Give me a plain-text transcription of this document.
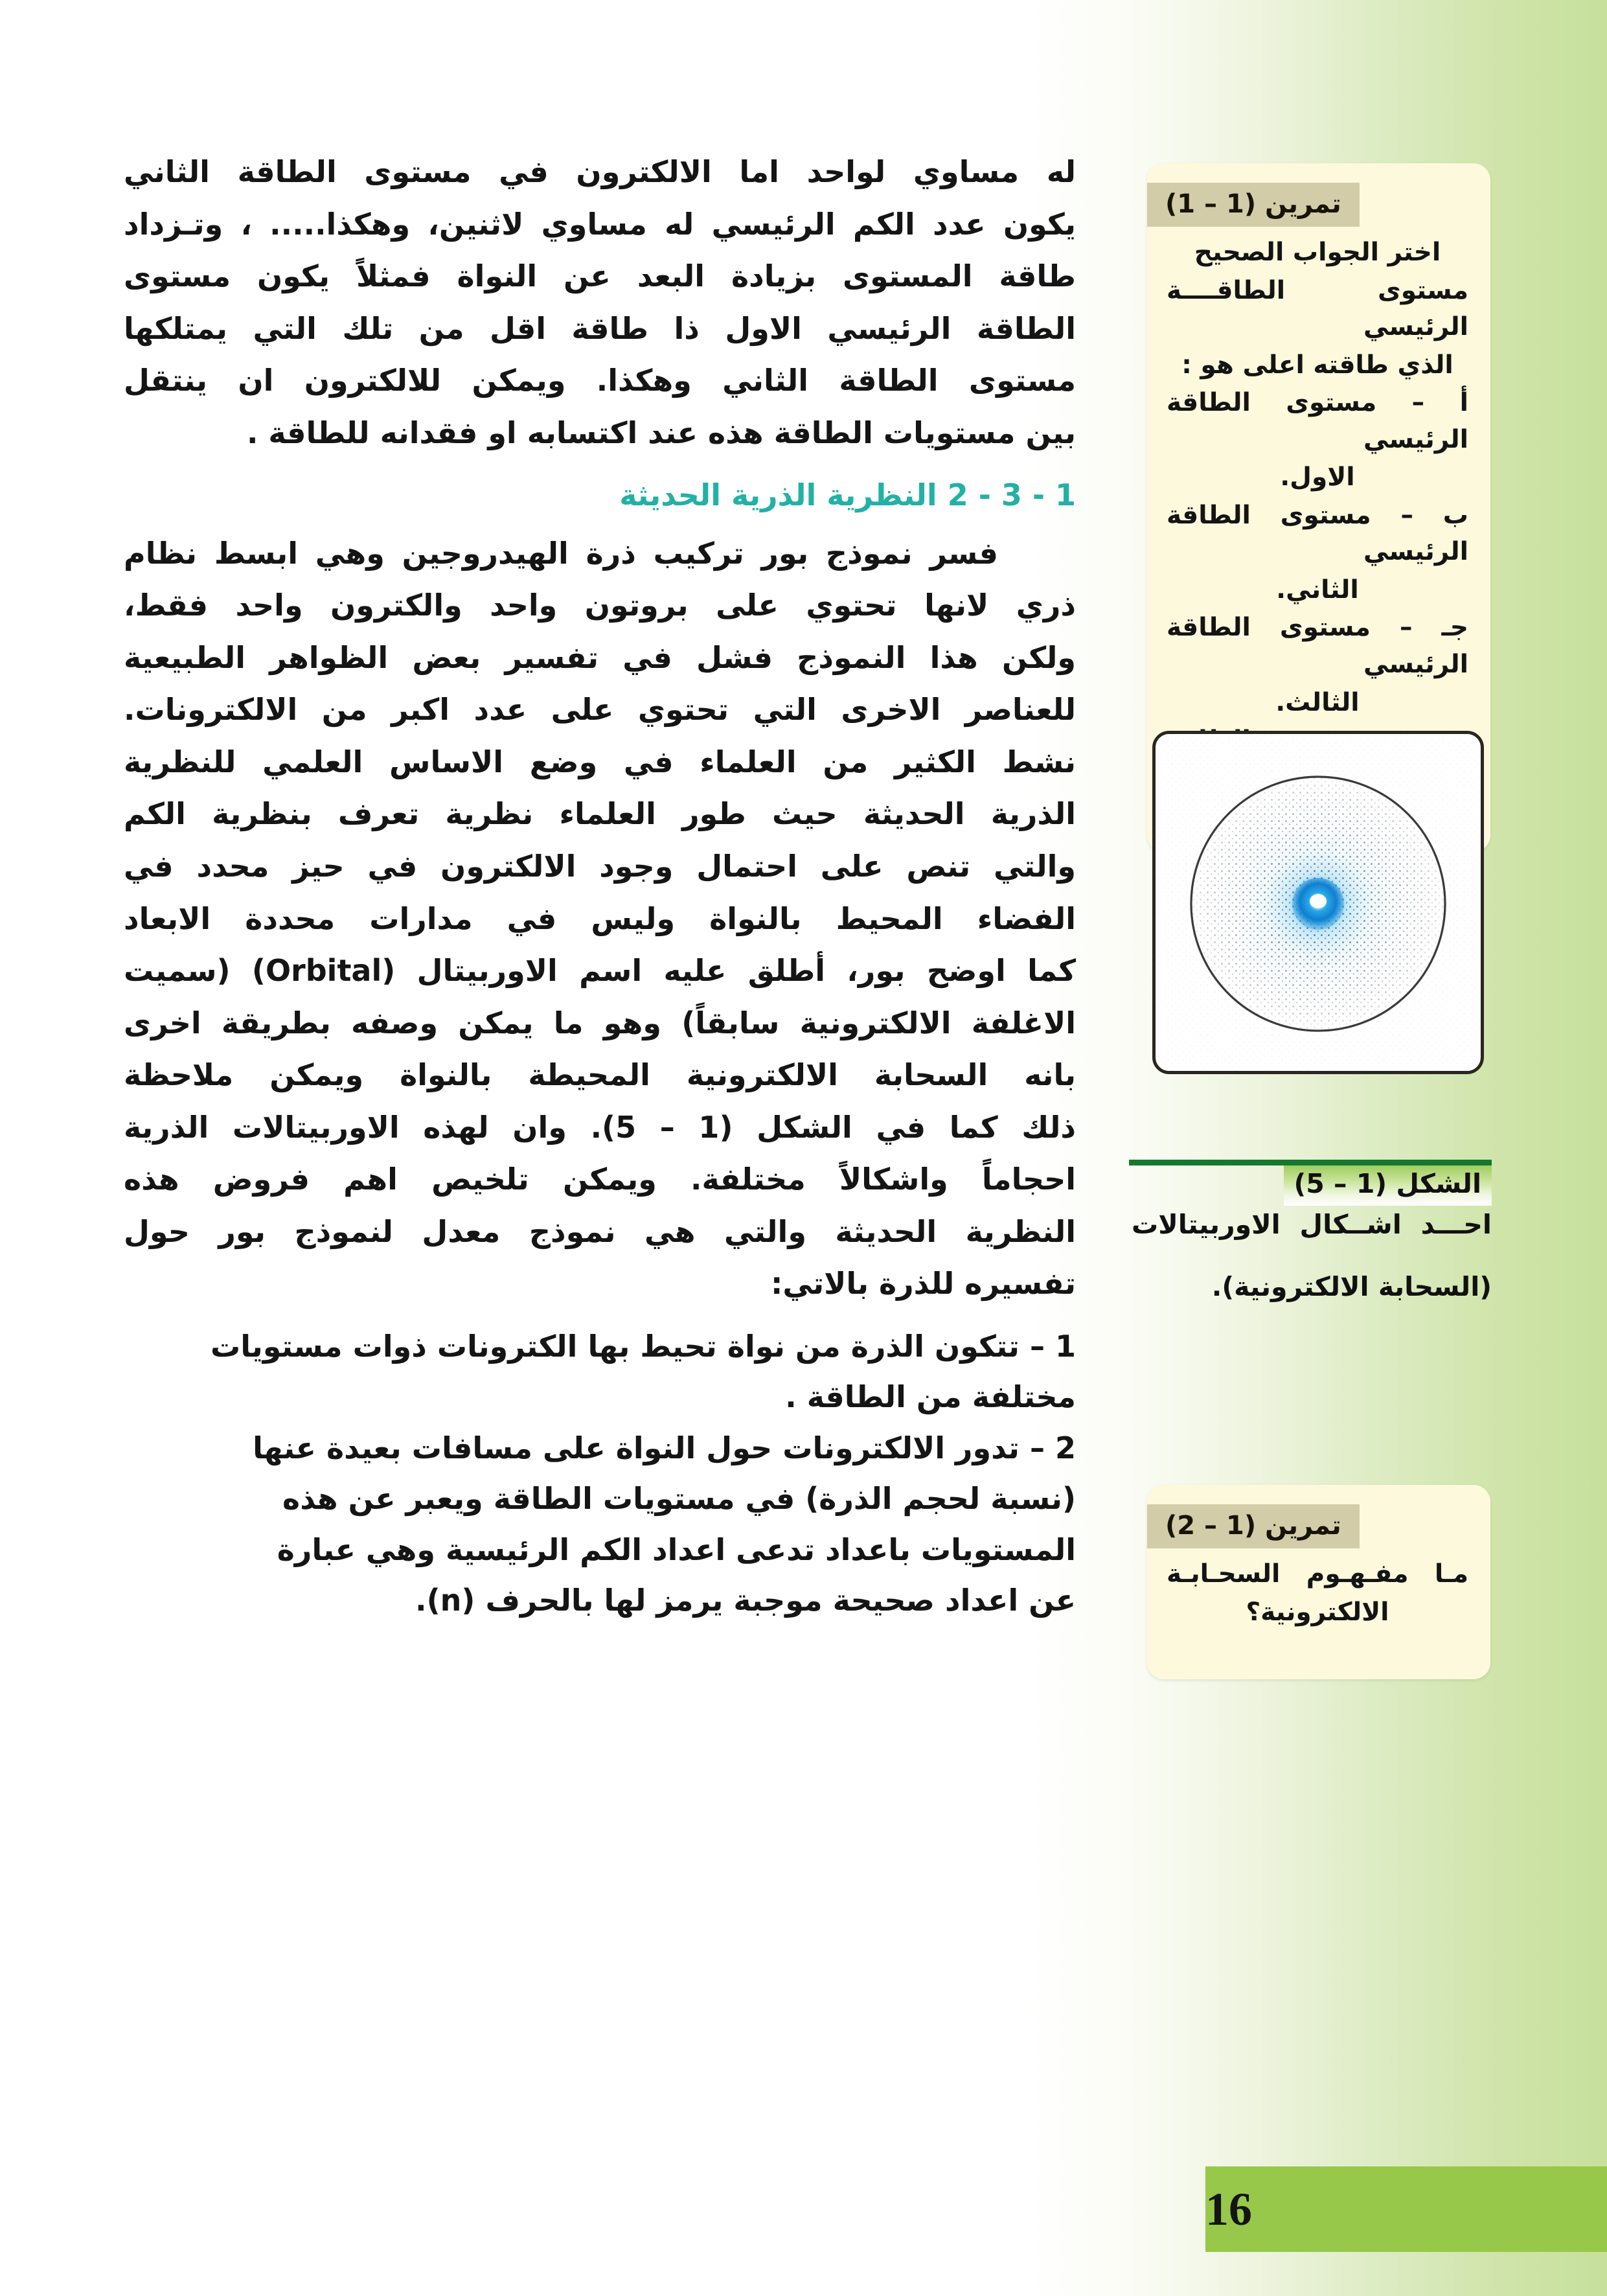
له مساوي لواحد اما الالكترون في مستوى الطاقة الثاني

يكون عدد الكم الرئيسي له مساوي لاثنين، وهكذا..... ، وتـزداد

طاقة المستوى بزيادة البعد عن النواة فمثلاً يكون مستوى

الطاقة الرئيسي الاول ذا طاقة اقل من تلك التي يمتلكها

مستوى الطاقة الثاني وهكذا. ويمكن للالكترون ان ينتقل

بين مستويات الطاقة هذه عند اكتسابه او فقدانه للطاقة .

1 - 3 - 2 النظرية الذرية الحديثة

فسر نموذج بور تركيب ذرة الهيدروجين وهي ابسط نظام

ذري لانها تحتوي على بروتون واحد والكترون واحد فقط،

ولكن هذا النموذج فشل في تفسير بعض الظواهر الطبيعية

للعناصر الاخرى التي تحتوي على عدد اكبر من الالكترونات.

نشط الكثير من العلماء في وضع الاساس العلمي للنظرية

الذرية الحديثة حيث طور العلماء نظرية تعرف بنظرية الكم

والتي تنص على احتمال وجود الالكترون في حيز محدد في

الفضاء المحيط بالنواة وليس في مدارات محددة الابعاد

كما اوضح بور، أطلق عليه اسم الاوربيتال (Orbital) (سميت

الاغلفة الالكترونية سابقاً) وهو ما يمكن وصفه بطريقة اخرى

بانه السحابة الالكترونية المحيطة بالنواة ويمكن ملاحظة

ذلك كما في الشكل (1 – 5). وان لهذه الاوربيتالات الذرية

احجاماً واشكالاً مختلفة. ويمكن تلخيص اهم فروض هذه

النظرية الحديثة والتي هي نموذج معدل لنموذج بور حول

تفسيره للذرة بالاتي:

1 – تتكون الذرة من نواة تحيط بها الكترونات ذوات مستويات

مختلفة من الطاقة .

2 – تدور الالكترونات حول النواة على مسافات بعيدة عنها

(نسبة لحجم الذرة) في مستويات الطاقة ويعبر عن هذه

المستويات باعداد تدعى اعداد الكم الرئيسية وهي عبارة

عن اعداد صحيحة موجبة يرمز لها بالحرف (n).

تمرين (1 – 1)

اختر الجواب الصحيح

مستوى الطاقــــة الرئيسي

الذي طاقته اعلى هو :

أ – مستوى الطاقة الرئيسي

الاول.

ب – مستوى الطاقة الرئيسي

الثاني.

جـ – مستوى الطاقة الرئيسي

الثالث.

الشكل (1 – 5)

احـــد اشــكال الاوربيتالات

(السحابة الالكترونية).

تمرين (1 – 2)

مـا مفـهـوم السحـابـة

الالكترونية؟

16
